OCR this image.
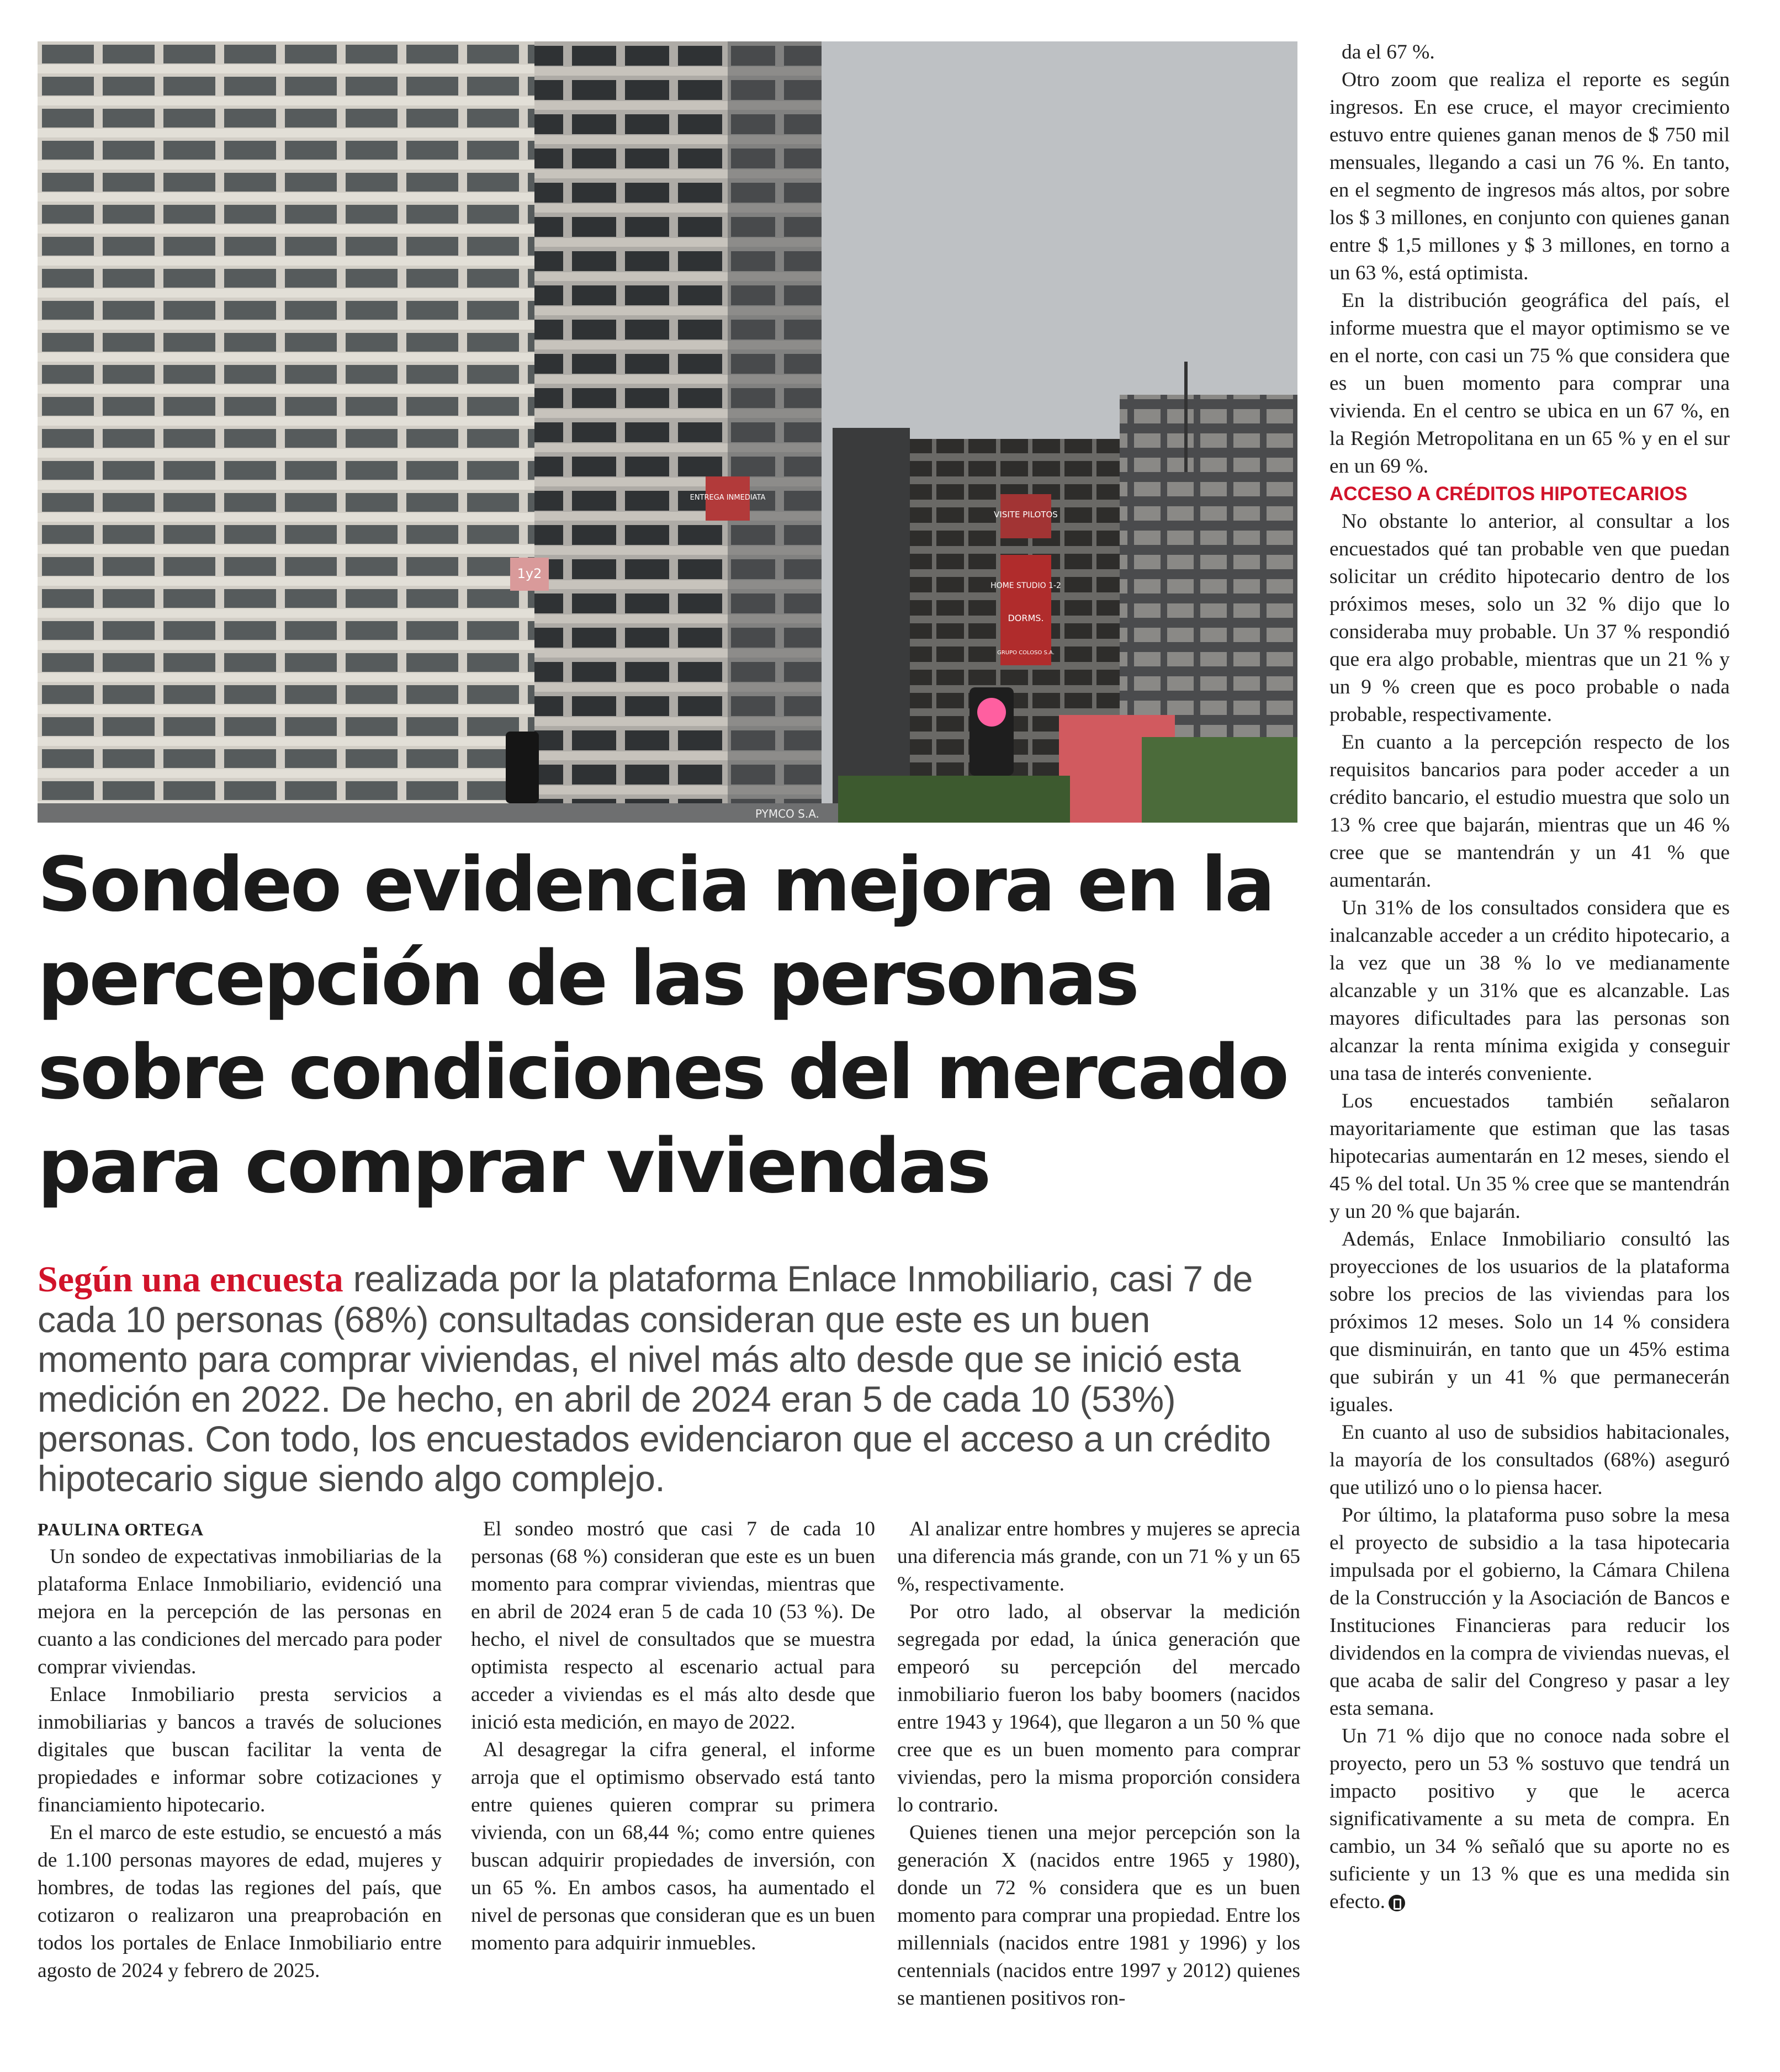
ENTREGA INMEDIATA
1y2
VISITE PILOTOS
HOME STUDIO 1-2
DORMS.
GRUPO COLOSO S.A.
PYMCO S.A.
Sondeo evidencia mejora en la percepción de las personas sobre condiciones del mercado para comprar viviendas

Según una encuesta realizada por la plataforma Enlace Inmobiliario, casi 7 de cada 10 personas (68%) consultadas consideran que este es un buen momento para comprar viviendas, el nivel más alto desde que se inició esta medición en 2022. De hecho, en abril de 2024 eran 5 de cada 10 (53%) personas. Con todo, los encuestados evidenciaron que el acceso a un crédito hipotecario sigue siendo algo complejo.

PAULINA ORTEGA

Un sondeo de expectativas inmobiliarias de la plataforma Enlace Inmobiliario, evidenció una mejora en la percepción de las personas en cuanto a las condiciones del mercado para poder comprar viviendas.

Enlace Inmobiliario presta servicios a inmobiliarias y bancos a través de soluciones digitales que buscan facilitar la venta de propiedades e informar sobre cotizaciones y financiamiento hipotecario.

En el marco de este estudio, se encuestó a más de 1.100 personas mayores de edad, mujeres y hombres, de todas las regiones del país, que cotizaron o realizaron una preaprobación en todos los portales de Enlace Inmobiliario entre agosto de 2024 y febrero de 2025.

El sondeo mostró que casi 7 de cada 10 personas (68 %) consideran que este es un buen momento para comprar viviendas, mientras que en abril de 2024 eran 5 de cada 10 (53 %). De hecho, el nivel de consultados que se muestra optimista respecto al escenario actual para acceder a viviendas es el más alto desde que inició esta medición, en mayo de 2022.

Al desagregar la cifra general, el informe arroja que el optimismo observado está tanto entre quienes quieren comprar su primera vivienda, con un 68,44 %; como entre quienes buscan adquirir propiedades de inversión, con un 65 %. En ambos casos, ha aumentado el nivel de personas que consideran que es un buen momento para adquirir inmuebles.

Al analizar entre hombres y mujeres se aprecia una diferencia más grande, con un 71 % y un 65 %, respectivamente.

Por otro lado, al observar la medición segregada por edad, la única generación que empeoró su percepción del mercado inmobiliario fueron los baby boomers (nacidos entre 1943 y 1964), que llegaron a un 50 % que cree que es un buen momento para comprar viviendas, pero la misma proporción considera lo contrario.

Quienes tienen una mejor percepción son la generación X (nacidos entre 1965 y 1980), donde un 72 % considera que es un buen momento para comprar una propiedad. Entre los millennials (nacidos entre 1981 y 1996) y los centennials (nacidos entre 1997 y 2012) quienes se mantienen positivos ron-

da el 67 %.

Otro zoom que realiza el reporte es según ingresos. En ese cruce, el mayor crecimiento estuvo entre quienes ganan menos de $ 750 mil mensuales, llegando a casi un 76 %. En tanto, en el segmento de ingresos más altos, por sobre los $ 3 millones, en conjunto con quienes ganan entre $ 1,5 millones y $ 3 millones, en torno a un 63 %, está optimista.

En la distribución geográfica del país, el informe muestra que el mayor optimismo se ve en el norte, con casi un 75 % que considera que es un buen momento para comprar una vivienda. En el centro se ubica en un 67 %, en la Región Metropolitana en un 65 % y en el sur en un 69 %.

ACCESO A CRÉDITOS HIPOTECARIOS

No obstante lo anterior, al consultar a los encuestados qué tan probable ven que puedan solicitar un crédito hipotecario dentro de los próximos meses, solo un 32 % dijo que lo consideraba muy probable. Un 37 % respondió que era algo probable, mientras que un 21 % y un 9 % creen que es poco probable o nada probable, respectivamente.

En cuanto a la percepción respecto de los requisitos bancarios para poder acceder a un crédito bancario, el estudio muestra que solo un 13 % cree que bajarán, mientras que un 46 % cree que se mantendrán y un 41 % que aumentarán.

Un 31% de los consultados considera que es inalcanzable acceder a un crédito hipotecario, a la vez que un 38 % lo ve medianamente alcanzable y un 31% que es alcanzable. Las mayores dificultades para las personas son alcanzar la renta mínima exigida y conseguir una tasa de interés conveniente.

Los encuestados también señalaron mayoritariamente que estiman que las tasas hipotecarias aumentarán en 12 meses, siendo el 45 % del total. Un 35 % cree que se mantendrán y un 20 % que bajarán.

Además, Enlace Inmobiliario consultó las proyecciones de los usuarios de la plataforma sobre los precios de las viviendas para los próximos 12 meses. Solo un 14 % considera que disminuirán, en tanto que un 45% estima que subirán y un 41 % que permanecerán iguales.

En cuanto al uso de subsidios habitacionales, la mayoría de los consultados (68%) aseguró que utilizó uno o lo piensa hacer.

Por último, la plataforma puso sobre la mesa el proyecto de subsidio a la tasa hipotecaria impulsada por el gobierno, la Cámara Chilena de la Construcción y la Asociación de Bancos e Instituciones Financieras para reducir los dividendos en la compra de viviendas nuevas, el que acaba de salir del Congreso y pasar a ley esta semana.

Un 71 % dijo que no conoce nada sobre el proyecto, pero un 53 % sostuvo que tendrá un impacto positivo y que le acerca significativamente a su meta de compra. En cambio, un 34 % señaló que su aporte no es suficiente y un 13 % que es una medida sin efecto.
